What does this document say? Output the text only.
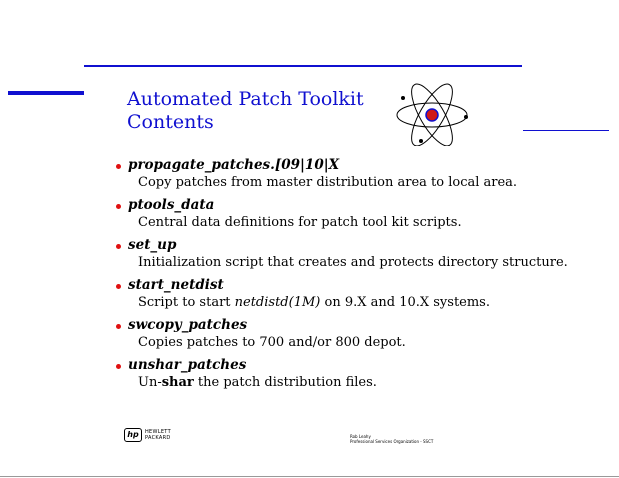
Automated Patch Toolkit
Contents
propagate_patches.[09|10|X
Copy patches from master distribution area to local area.
ptools_data
Central data definitions for patch tool kit scripts.
set_up
Initialization script that creates and protects directory structure.
start_netdist
Script to start netdistd(1M) on 9.X and 10.X systems.
swcopy_patches
Copies patches to 700 and/or 800 depot.
unshar_patches
Un-shar the patch distribution files.
hp	HEWLETT
PACKARD	Rob Leahy
Professional Services Organization - SSCT
